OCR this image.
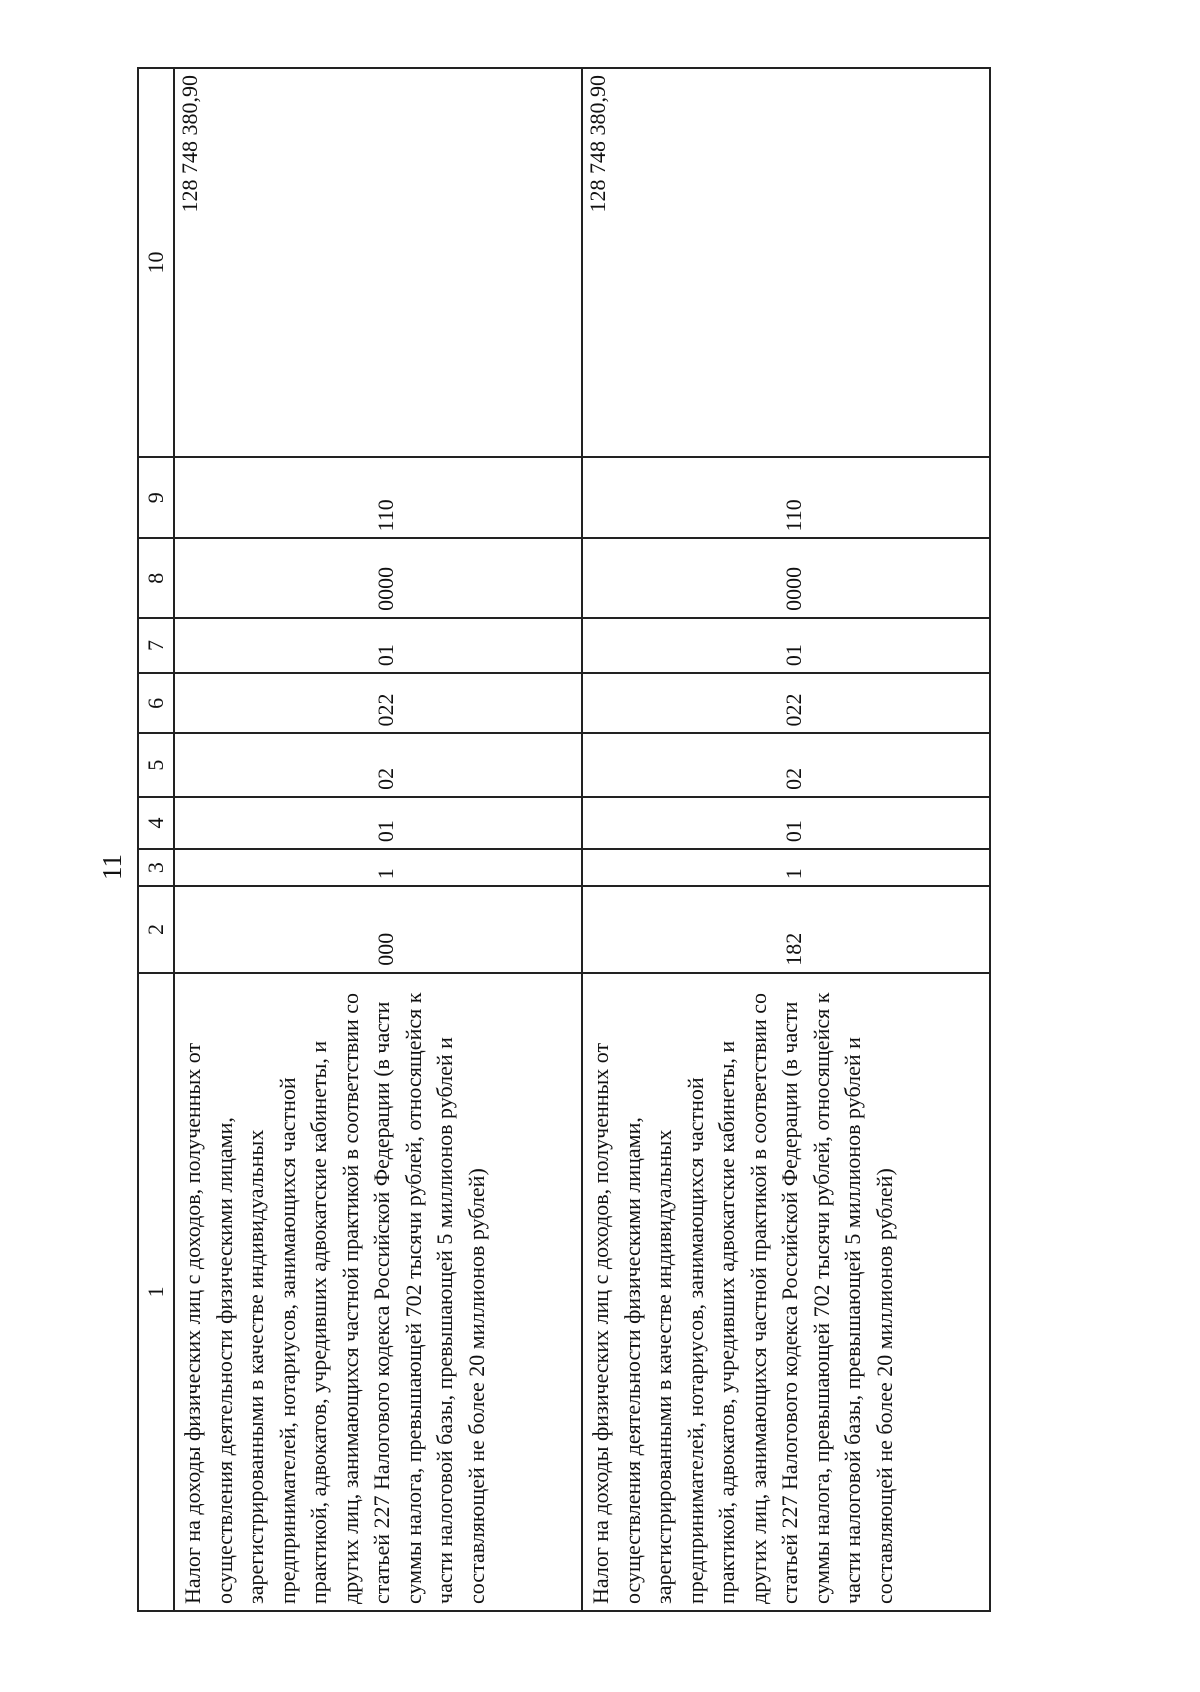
11
1	2	3	4	5	6	7	8	9	10
Налог на доходы физических лиц с доходов, полученных от осуществления деятельности физическими лицами, зарегистрированными в качестве индивидуальных предпринимателей, нотариусов, занимающихся частной практикой, адвокатов, учредивших адвокатские кабинеты, и других лиц, занимающихся частной практикой в соответствии со статьей 227 Налогового кодекса Российской Федерации (в части суммы налога, превышающей 702 тысячи рублей, относящейся к части налоговой базы, превышающей 5 миллионов рублей и составляющей не более 20 миллионов рублей)	000	1	01	02	022	01	0000	110	128 748 380,90

Налог на доходы физических лиц с доходов, полученных от осуществления деятельности физическими лицами, зарегистрированными в качестве индивидуальных предпринимателей, нотариусов, занимающихся частной практикой, адвокатов, учредивших адвокатские кабинеты, и других лиц, занимающихся частной практикой в соответствии со статьей 227 Налогового кодекса Российской Федерации (в части суммы налога, превышающей 702 тысячи рублей, относящейся к части налоговой базы, превышающей 5 миллионов рублей и составляющей не более 20 миллионов рублей)	182	1	01	02	022	01	0000	110	128 748 380,90
